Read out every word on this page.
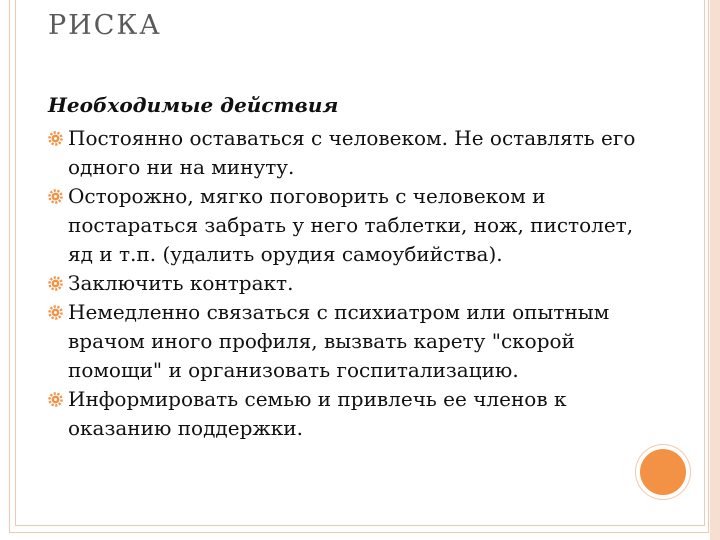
РИСКА

Необходимые действия

Постоянно оставаться с человеком. Не оставлять его
одного ни на минуту.
Осторожно, мягко поговорить с человеком и
постараться забрать у него таблетки, нож, пистолет,
яд и т.п. (удалить орудия самоубийства).
Заключить контракт.
Немедленно связаться с психиатром или опытным
врачом иного профиля, вызвать карету "скорой
помощи" и организовать госпитализацию.
Информировать семью и привлечь ее членов к
оказанию поддержки.
